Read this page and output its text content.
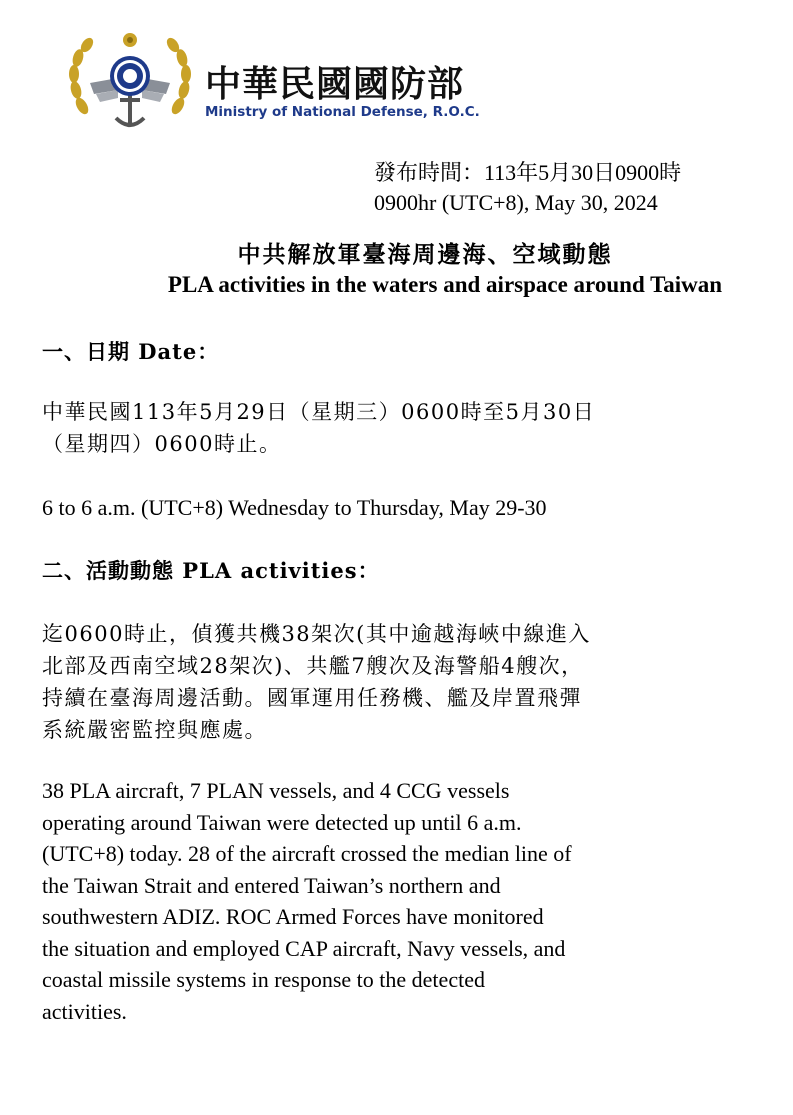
中華民國國防部
Ministry of National Defense, R.O.C.
發布時間：113年5月30日0900時
0900hr (UTC+8), May 30, 2024
中共解放軍臺海周邊海、空域動態
PLA activities in the waters and airspace around Taiwan
一、日期 Date：
中華民國113年5月29日（星期三）0600時至5月30日
（星期四）0600時止。
6 to 6 a.m. (UTC+8) Wednesday to Thursday, May 29-30
二、活動動態 PLA activities：
迄0600時止，偵獲共機38架次(其中逾越海峽中線進入
北部及西南空域28架次)、共艦7艘次及海警船4艘次，
持續在臺海周邊活動。國軍運用任務機、艦及岸置飛彈
系統嚴密監控與應處。
38 PLA aircraft, 7 PLAN vessels, and 4 CCG vessels
operating around Taiwan were detected up until 6 a.m.
(UTC+8) today. 28 of the aircraft crossed the median line of
the Taiwan Strait and entered Taiwan’s northern and
southwestern ADIZ. ROC Armed Forces have monitored
the situation and employed CAP aircraft, Navy vessels, and
coastal missile systems in response to the detected
activities.
